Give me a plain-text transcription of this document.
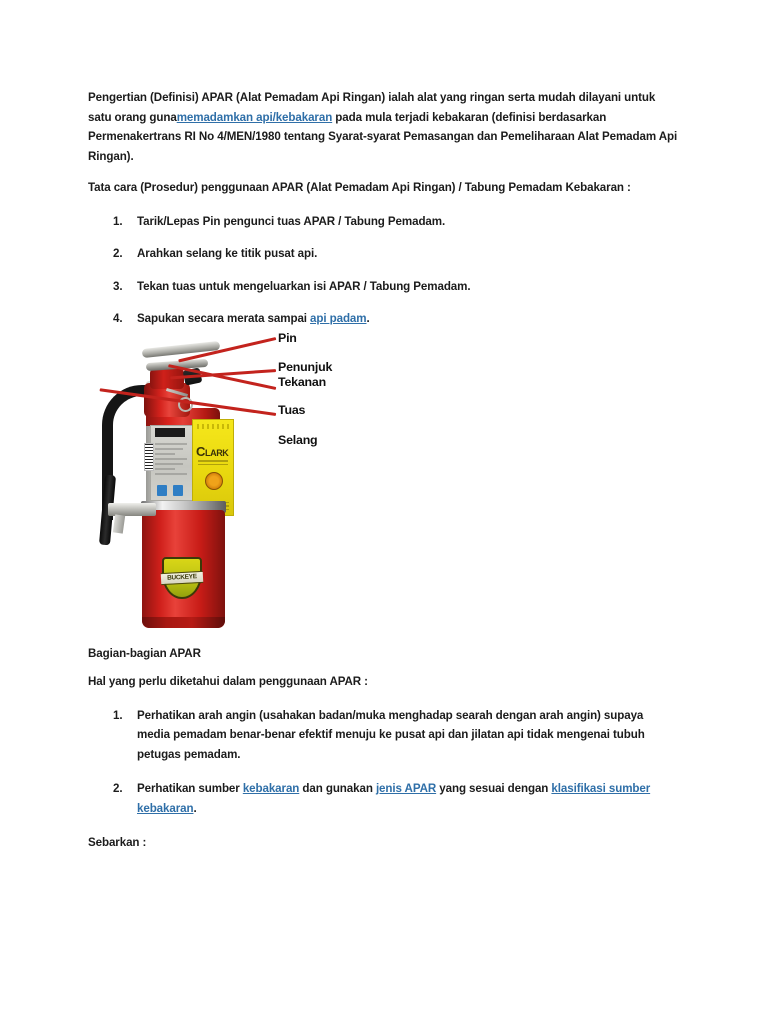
Pengertian (Definisi) APAR (Alat Pemadam Api Ringan) ialah alat yang ringan serta mudah dilayani untuk satu orang gunamemadamkan api/kebakaran pada mula terjadi kebakaran (definisi berdasarkan Permenakertrans RI No 4/MEN/1980 tentang Syarat-syarat Pemasangan dan Pemeliharaan Alat Pemadam Api Ringan).

Tata cara (Prosedur) penggunaan APAR (Alat Pemadam Api Ringan) / Tabung Pemadam Kebakaran :

1. Tarik/Lepas Pin pengunci tuas APAR / Tabung Pemadam.
2. Arahkan selang ke titik pusat api.
3. Tekan tuas untuk mengeluarkan isi APAR / Tabung Pemadam.
4. Sapukan secara merata sampai api padam.
CLARK
BUCKEYE
Pin
Penunjuk
Tekanan
Tuas
Selang
Bagian-bagian APAR

Hal yang perlu diketahui dalam penggunaan APAR :

1. Perhatikan arah angin (usahakan badan/muka menghadap searah dengan arah angin) supaya media pemadam benar-benar efektif menuju ke pusat api dan jilatan api tidak mengenai tubuh petugas pemadam.
2. Perhatikan sumber kebakaran dan gunakan jenis APAR yang sesuai dengan klasifikasi sumber kebakaran.

Sebarkan :
